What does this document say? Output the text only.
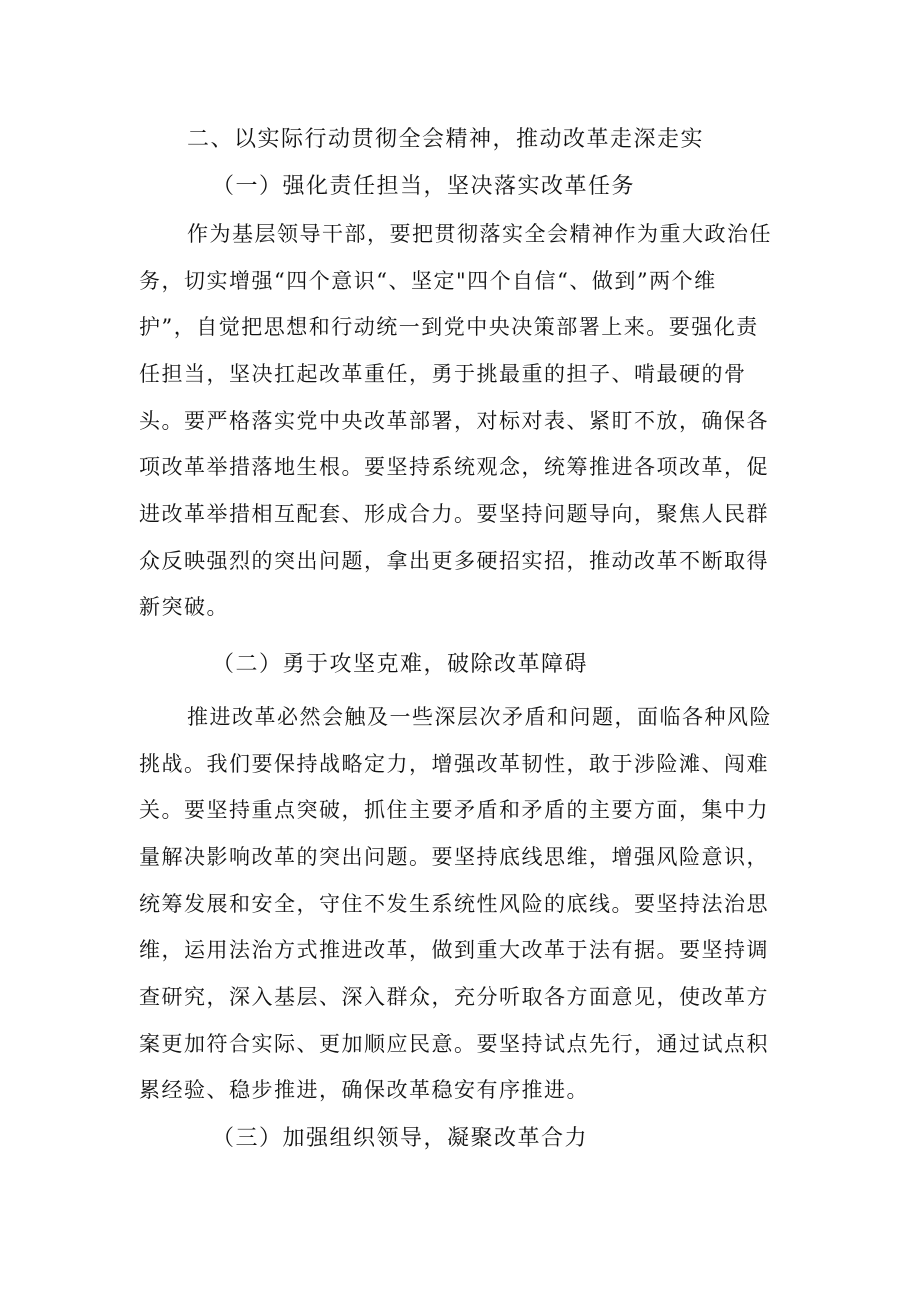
二、以实际行动贯彻全会精神，推动改革走深走实
（一）强化责任担当，坚决落实改革任务
作为基层领导干部，要把贯彻落实全会精神作为重大政治任
务，切实增强“四个意识“、坚定"四个自信“、做到”两个维
护”，自觉把思想和行动统一到党中央决策部署上来。要强化责
任担当，坚决扛起改革重任，勇于挑最重的担子、啃最硬的骨
头。要严格落实党中央改革部署，对标对表、紧盯不放，确保各
项改革举措落地生根。要坚持系统观念，统筹推进各项改革，促
进改革举措相互配套、形成合力。要坚持问题导向，聚焦人民群
众反映强烈的突出问题，拿出更多硬招实招，推动改革不断取得
新突破。
（二）勇于攻坚克难，破除改革障碍
推进改革必然会触及一些深层次矛盾和问题，面临各种风险
挑战。我们要保持战略定力，增强改革韧性，敢于涉险滩、闯难
关。要坚持重点突破，抓住主要矛盾和矛盾的主要方面，集中力
量解决影响改革的突出问题。要坚持底线思维，增强风险意识，
统筹发展和安全，守住不发生系统性风险的底线。要坚持法治思
维，运用法治方式推进改革，做到重大改革于法有据。要坚持调
查研究，深入基层、深入群众，充分听取各方面意见，使改革方
案更加符合实际、更加顺应民意。要坚持试点先行，通过试点积
累经验、稳步推进，确保改革稳安有序推进。
（三）加强组织领导，凝聚改革合力
